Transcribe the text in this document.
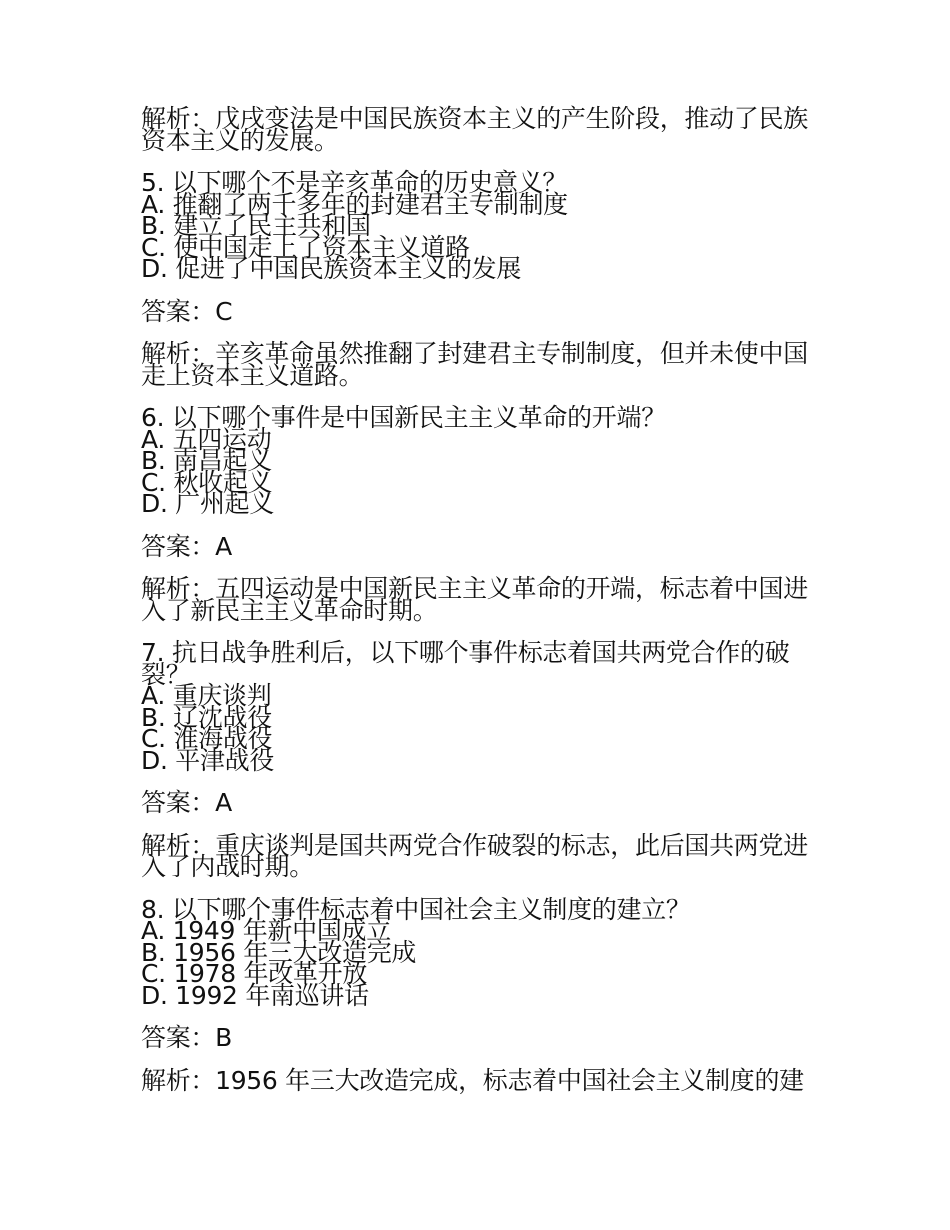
解析：戊戌变法是中国民族资本主义的产生阶段，推动了民族
资本主义的发展。
5. 以下哪个不是辛亥革命的历史意义？
A. 推翻了两千多年的封建君主专制制度
B. 建立了民主共和国
C. 使中国走上了资本主义道路
D. 促进了中国民族资本主义的发展
答案：C
解析：辛亥革命虽然推翻了封建君主专制制度，但并未使中国
走上资本主义道路。
6. 以下哪个事件是中国新民主主义革命的开端？
A. 五四运动
B. 南昌起义
C. 秋收起义
D. 广州起义
答案：A
解析：五四运动是中国新民主主义革命的开端，标志着中国进
入了新民主主义革命时期。
7. 抗日战争胜利后，以下哪个事件标志着国共两党合作的破
裂？
A. 重庆谈判
B. 辽沈战役
C. 淮海战役
D. 平津战役
答案：A
解析：重庆谈判是国共两党合作破裂的标志，此后国共两党进
入了内战时期。
8. 以下哪个事件标志着中国社会主义制度的建立？
A. 1949 年新中国成立
B. 1956 年三大改造完成
C. 1978 年改革开放
D. 1992 年南巡讲话
答案：B
解析：1956 年三大改造完成，标志着中国社会主义制度的建
